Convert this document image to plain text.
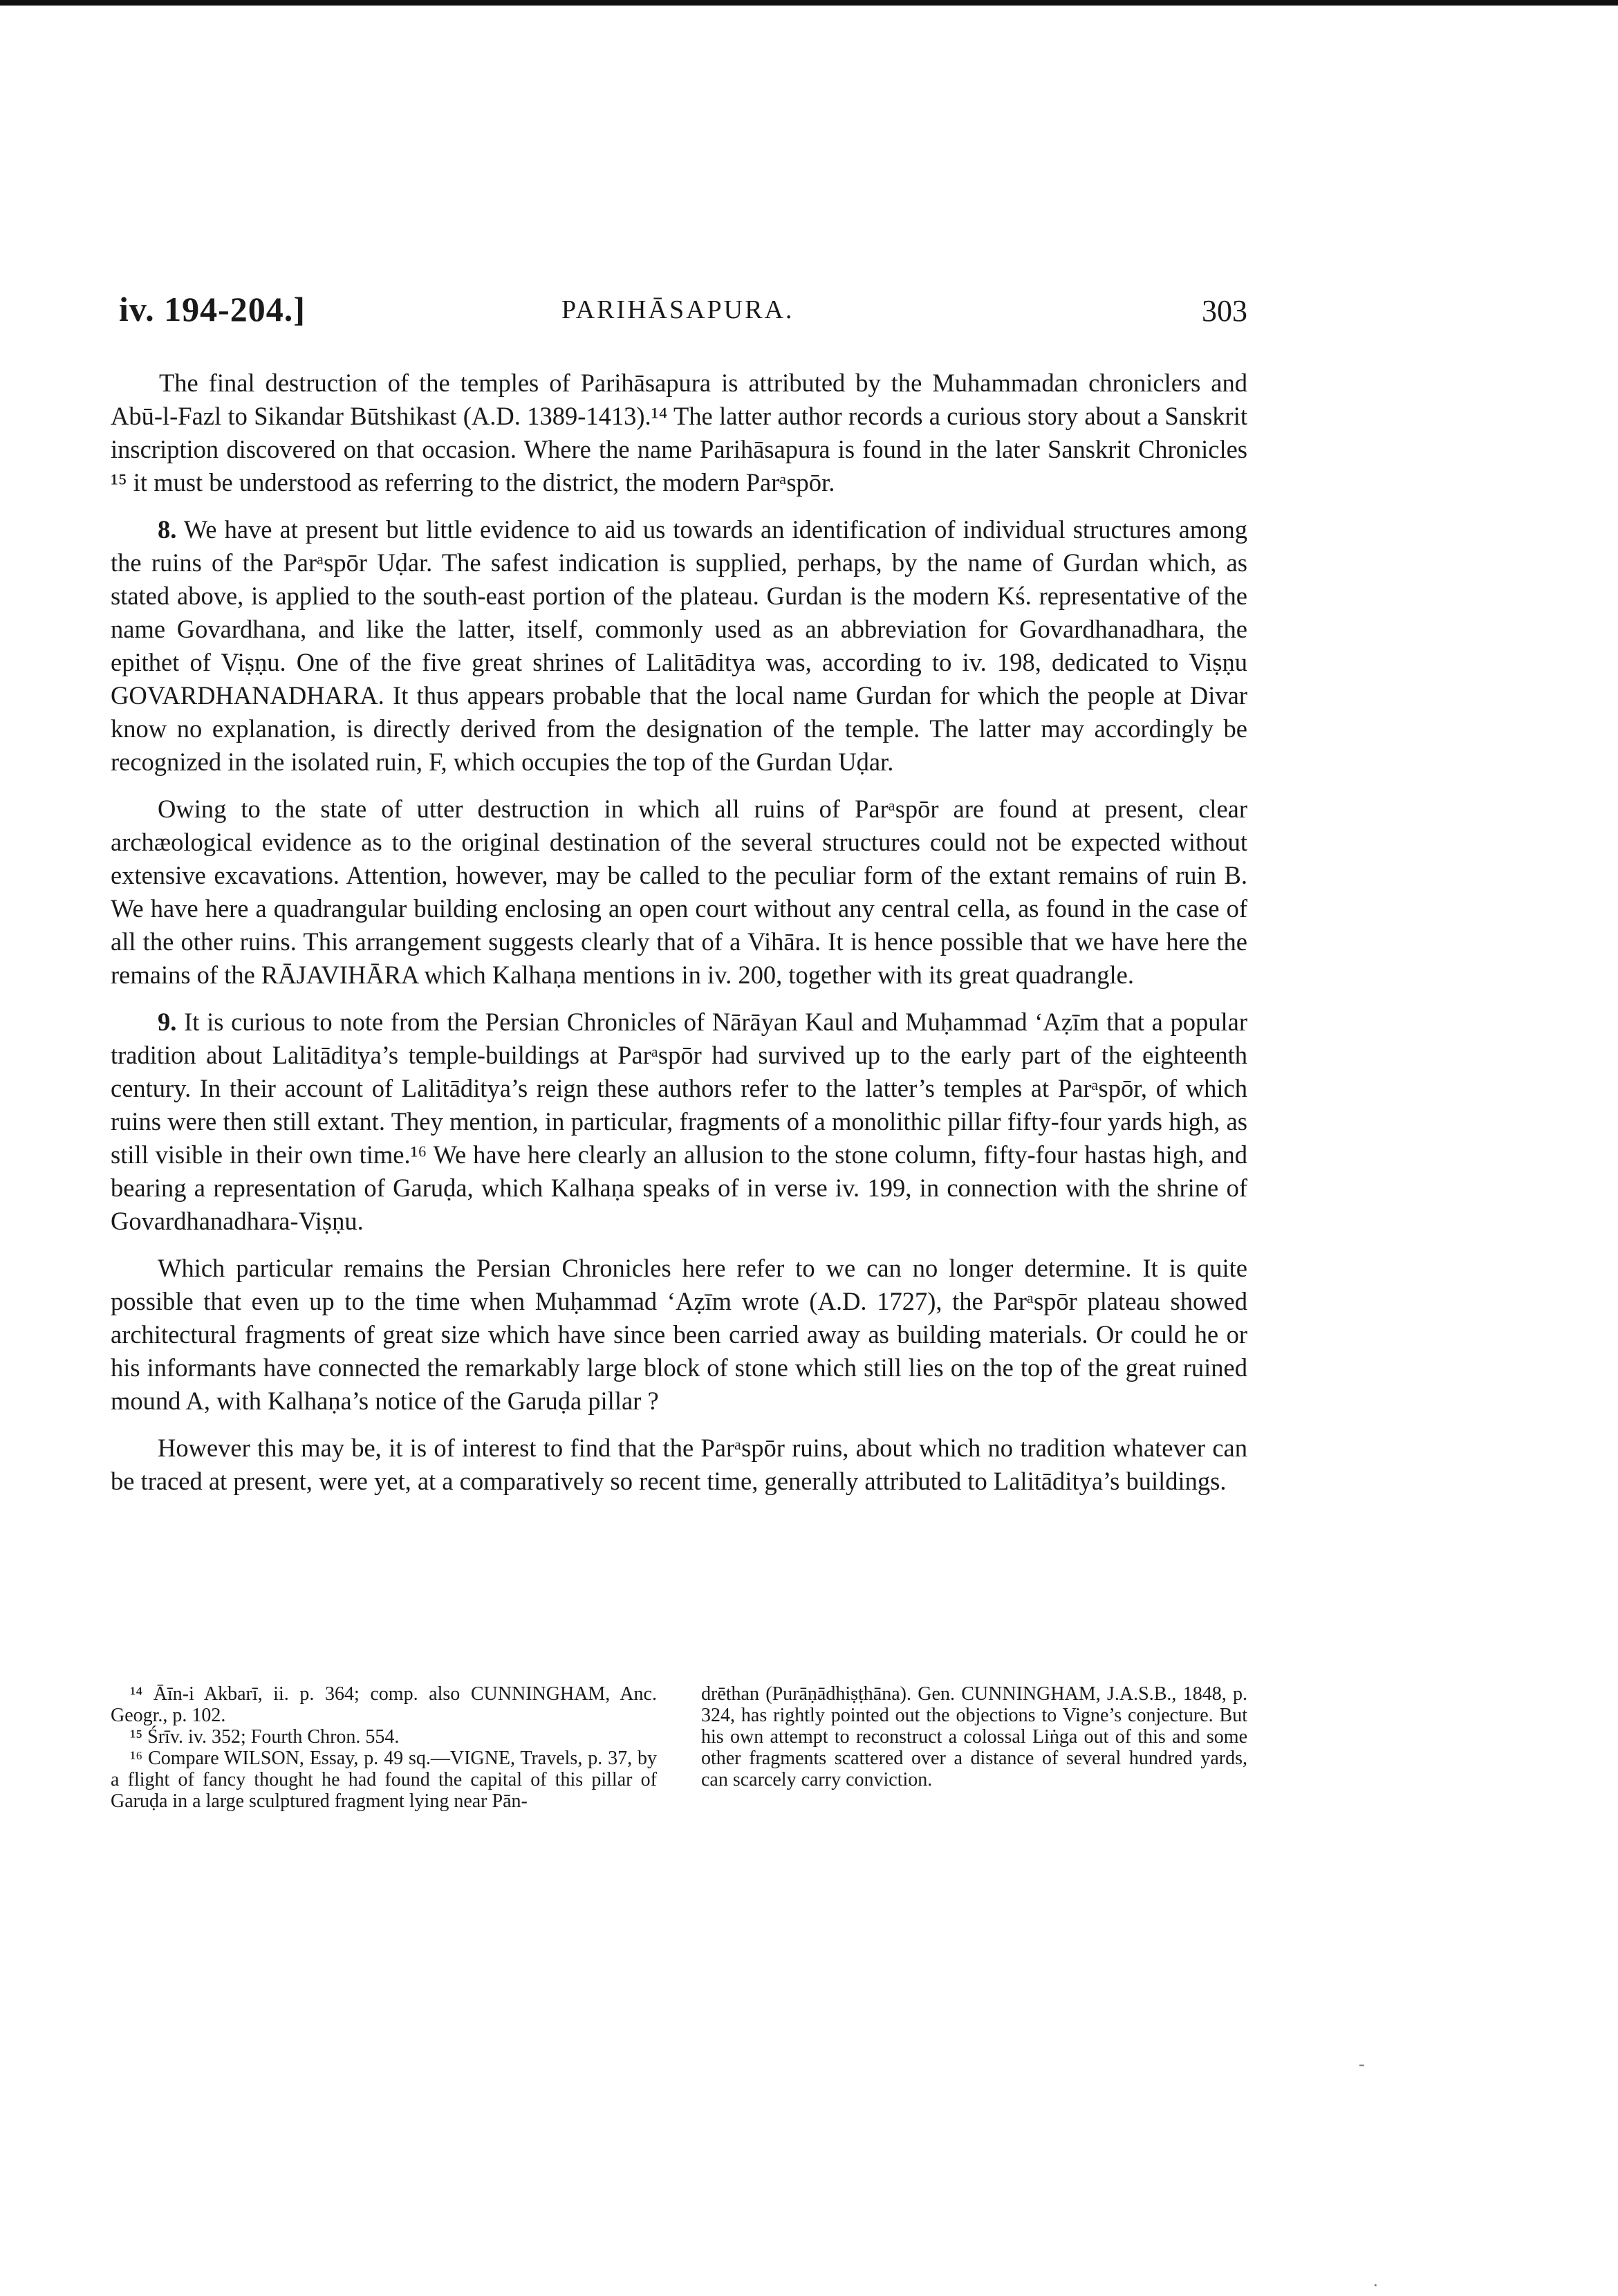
iv. 194-204.]	PARIHĀSAPURA.	303

The final destruction of the temples of Parihāsapura is attributed by the Muhammadan chroniclers and Abū-l-Fazl to Sikandar Būtshikast (A.D. 1389-1413).¹⁴ The latter author records a curious story about a Sanskrit inscription discovered on that occasion. Where the name Parihāsapura is found in the later Sanskrit Chronicles ¹⁵ it must be understood as referring to the district, the modern Parᵃspōr.

8. We have at present but little evidence to aid us towards an identification of individual structures among the ruins of the Parᵃspōr Uḍar. The safest indication is supplied, perhaps, by the name of Gurdan which, as stated above, is applied to the south-east portion of the plateau. Gurdan is the modern Kś. representative of the name Govardhana, and like the latter, itself, commonly used as an abbreviation for Govardhanadhara, the epithet of Viṣṇu. One of the five great shrines of Lalitāditya was, according to iv. 198, dedicated to Viṣṇu GOVARDHANADHARA. It thus appears probable that the local name Gurdan for which the people at Divar know no explanation, is directly derived from the designation of the temple. The latter may accordingly be recognized in the isolated ruin, F, which occupies the top of the Gurdan Uḍar.

Owing to the state of utter destruction in which all ruins of Parᵃspōr are found at present, clear archæological evidence as to the original destination of the several structures could not be expected without extensive excavations. Attention, however, may be called to the peculiar form of the extant remains of ruin B. We have here a quadrangular building enclosing an open court without any central cella, as found in the case of all the other ruins. This arrangement suggests clearly that of a Vihāra. It is hence possible that we have here the remains of the RĀJAVIHĀRA which Kalhaṇa mentions in iv. 200, together with its great quadrangle.

9. It is curious to note from the Persian Chronicles of Nārāyan Kaul and Muḥammad ‘Aẓīm that a popular tradition about Lalitāditya’s temple-buildings at Parᵃspōr had survived up to the early part of the eighteenth century. In their account of Lalitāditya’s reign these authors refer to the latter’s temples at Parᵃspōr, of which ruins were then still extant. They mention, in particular, fragments of a monolithic pillar fifty-four yards high, as still visible in their own time.¹⁶ We have here clearly an allusion to the stone column, fifty-four hastas high, and bearing a representation of Garuḍa, which Kalhaṇa speaks of in verse iv. 199, in connection with the shrine of Govardhanadhara-Viṣṇu.

Which particular remains the Persian Chronicles here refer to we can no longer determine. It is quite possible that even up to the time when Muḥammad ‘Aẓīm wrote (A.D. 1727), the Parᵃspōr plateau showed architectural fragments of great size which have since been carried away as building materials. Or could he or his informants have connected the remarkably large block of stone which still lies on the top of the great ruined mound A, with Kalhaṇa’s notice of the Garuḍa pillar ?

However this may be, it is of interest to find that the Parᵃspōr ruins, about which no tradition whatever can be traced at present, were yet, at a comparatively so recent time, generally attributed to Lalitāditya’s buildings.

¹⁴ Āīn-i Akbarī, ii. p. 364; comp. also CUNNINGHAM, Anc. Geogr., p. 102.

¹⁵ Śrīv. iv. 352; Fourth Chron. 554.

¹⁶ Compare WILSON, Essay, p. 49 sq.—VIGNE, Travels, p. 37, by a flight of fancy thought he had found the capital of this pillar of Garuḍa in a large sculptured fragment lying near Pān-

drēthan (Purāṇādhiṣṭhāna). Gen. CUNNINGHAM, J.A.S.B., 1848, p. 324, has rightly pointed out the objections to Vigne’s conjecture. But his own attempt to reconstruct a colossal Liṅga out of this and some other fragments scattered over a distance of several hundred yards, can scarcely carry conviction.

‑
·
